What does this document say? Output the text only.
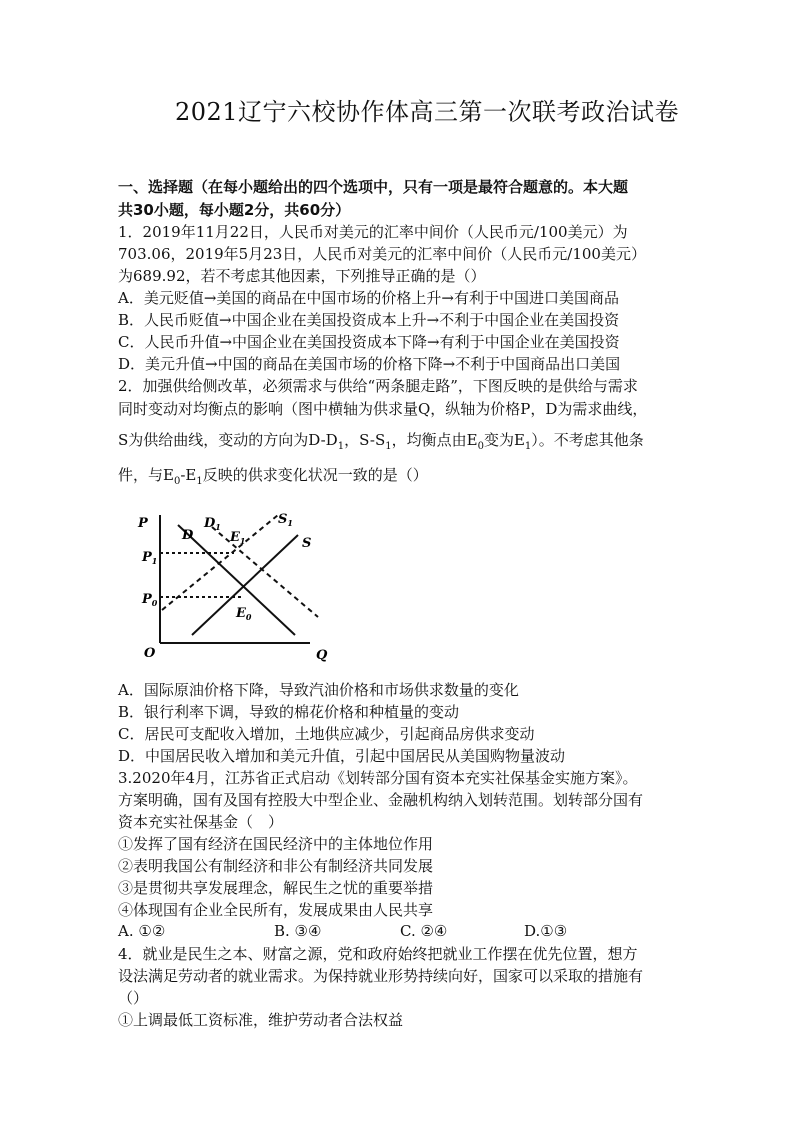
2021辽宁六校协作体高三第一次联考政治试卷
一、选择题（在每小题给出的四个选项中，只有一项是最符合题意的。本大题
共30小题，每小题2分，共60分）
1．2019年11月22日，人民币对美元的汇率中间价（人民币元/100美元）为
703.06，2019年5月23日，人民币对美元的汇率中间价（人民币元/100美元）
为689.92，若不考虑其他因素，下列推导正确的是（）
A．美元贬值→美国的商品在中国市场的价格上升→有利于中国进口美国商品
B．人民币贬值→中国企业在美国投资成本上升→不利于中国企业在美国投资
C．人民币升值→中国企业在美国投资成本下降→有利于中国企业在美国投资
D．美元升值→中国的商品在美国市场的价格下降→不利于中国商品出口美国
2．加强供给侧改革，必须需求与供给“两条腿走路”，下图反映的是供给与需求
同时变动对均衡点的影响（图中横轴为供求量Q，纵轴为价格P，D为需求曲线，
S为供给曲线，变动的方向为$D-D_1$，$S-S_1$，均衡点由$E_0$变为$E_1$）。不考虑其他条
件，与$E_0-E_1$反映的供求变化状况一致的是（）
P
Q
O
D
$D_1$	$S_1$
S
$E_1$
$E_0$
$P_1$
$P_0$
A．国际原油价格下降，导致汽油价格和市场供求数量的变化
B．银行利率下调，导致的棉花价格和种植量的变动
C．居民可支配收入增加，土地供应减少，引起商品房供求变动
D．中国居民收入增加和美元升值，引起中国居民从美国购物量波动
3.2020年4月，江苏省正式启动《划转部分国有资本充实社保基金实施方案》。
方案明确，国有及国有控股大中型企业、金融机构纳入划转范围。划转部分国有
资本充实社保基金（　）
①发挥了国有经济在国民经济中的主体地位作用
②表明我国公有制经济和非公有制经济共同发展
③是贯彻共享发展理念，解民生之忧的重要举措
④体现国有企业全民所有，发展成果由人民共享
A. ①②	B. ③④	C. ②④	D.①③
4．就业是民生之本、财富之源，党和政府始终把就业工作摆在优先位置，想方
设法满足劳动者的就业需求。为保持就业形势持续向好，国家可以采取的措施有
（）
①上调最低工资标准，维护劳动者合法权益
